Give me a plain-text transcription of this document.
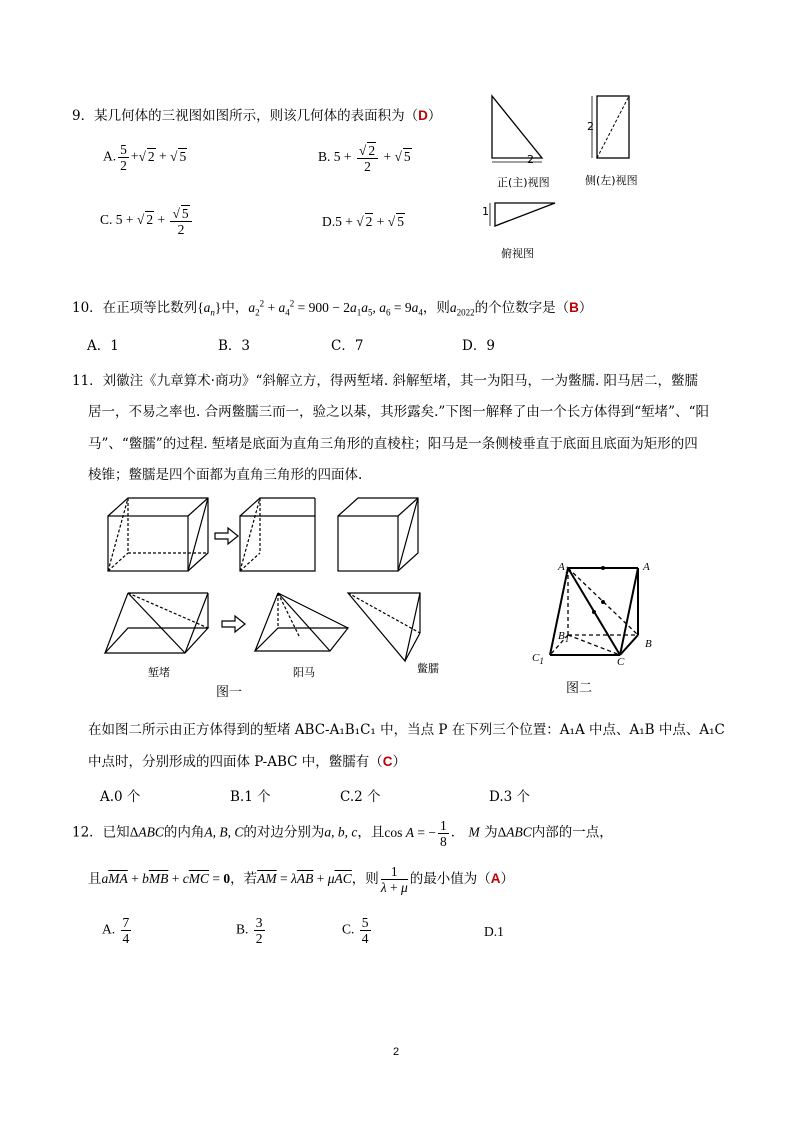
9．某几何体的三视图如图所示，则该几何体的表面积为（D）
A. $\frac{5}{2}$ +√ 2 + √ 5	B. $5 + \frac{√ 2}{2}$ + √ 5
C. 5 + √ $2 + \frac{√ 5}{2}$	D.5 + √ 2 + √ 5
2
2
1
正(主)视图	侧(左)视图
俯视图
10．在正项等比数列$\{a_n\}$中，$a_2^2 + a_4^2 = 900 - 2a_1a_5$, $a_6 = 9a_4$，则$a_{2022}$的个位数字是（B）
A．1	B．3	C．7	D．9
11．刘徽注《九章算术·商功》“斜解立方，得两堑堵. 斜解堑堵，其一为阳马，一为鳖臑. 阳马居二，鳖臑
居一，不易之率也. 合两鳖臑三而一，验之以棊，其形露矣.”下图一解释了由一个长方体得到“堑堵”、“阳
马”、“鳖臑”的过程. 堑堵是底面为直角三角形的直棱柱；阳马是一条侧棱垂直于底面且底面为矩形的四
棱锥；鳖臑是四个面都为直角三角形的四面体.
堑堵	阳马	鳖臑
图一
$A_1$	A
$B_1$	B
$C_1$	C
图二
在如图二所示由正方体得到的堑堵 ABC-A₁B₁C₁ 中，当点 P 在下列三个位置：A₁A 中点、A₁B 中点、A₁C
中点时，分别形成的四面体 P-ABC 中，鳖臑有（C）
A.0 个	B.1 个	C.2 个	D.3 个
12．已知ΔABC的内角A, B, C的对边分别为a, b, c，且cos A = − $\frac{1}{8}$ ． M 为ΔABC内部的一点，
且aMA + $b\overline{MB} + c\overline{MC} = 0$，若$\overline{AM} = \lambda\overline{AB} + \mu\overline{AC}$，则 $\frac{1}{\lambda + \mu}$ 的最小值为（A）
A. $\frac{7}{4}$	B. $\frac{3}{2}$	C. $\frac{5}{4}$	D.1
2
